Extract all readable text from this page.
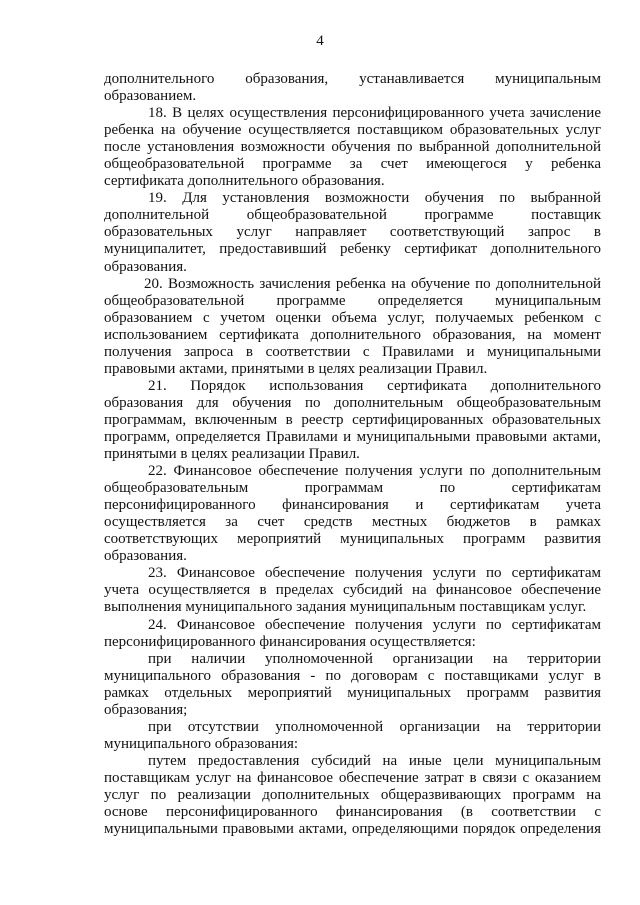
4
дополнительного образования, устанавливается муниципальным
образованием.
18. В целях осуществления персонифицированного учета зачисление
ребенка на обучение осуществляется поставщиком образовательных услуг
после установления возможности обучения по выбранной дополнительной
общеобразовательной программе за счет имеющегося у ребенка
сертификата дополнительного образования.
19. Для установления возможности обучения по выбранной
дополнительной общеобразовательной программе поставщик
образовательных услуг направляет соответствующий запрос в
муниципалитет, предоставивший ребенку сертификат дополнительного
образования.
20. Возможность зачисления ребенка на обучение по дополнительной
общеобразовательной программе определяется муниципальным
образованием с учетом оценки объема услуг, получаемых ребенком с
использованием сертификата дополнительного образования, на момент
получения запроса в соответствии с Правилами и муниципальными
правовыми актами, принятыми в целях реализации Правил.
21. Порядок использования сертификата дополнительного
образования для обучения по дополнительным общеобразовательным
программам, включенным в реестр сертифицированных образовательных
программ, определяется Правилами и муниципальными правовыми актами,
принятыми в целях реализации Правил.
22. Финансовое обеспечение получения услуги по дополнительным
общеобразовательным программам по сертификатам
персонифицированного финансирования и сертификатам учета
осуществляется за счет средств местных бюджетов в рамках
соответствующих мероприятий муниципальных программ развития
образования.
23. Финансовое обеспечение получения услуги по сертификатам
учета осуществляется в пределах субсидий на финансовое обеспечение
выполнения муниципального задания муниципальным поставщикам услуг.
24. Финансовое обеспечение получения услуги по сертификатам
персонифицированного финансирования осуществляется:
при наличии уполномоченной организации на территории
муниципального образования - по договорам с поставщиками услуг в
рамках отдельных мероприятий муниципальных программ развития
образования;
при отсутствии уполномоченной организации на территории
муниципального образования:
путем предоставления субсидий на иные цели муниципальным
поставщикам услуг на финансовое обеспечение затрат в связи с оказанием
услуг по реализации дополнительных общеразвивающих программ на
основе персонифицированного финансирования (в соответствии с
муниципальными правовыми актами, определяющими порядок определения
